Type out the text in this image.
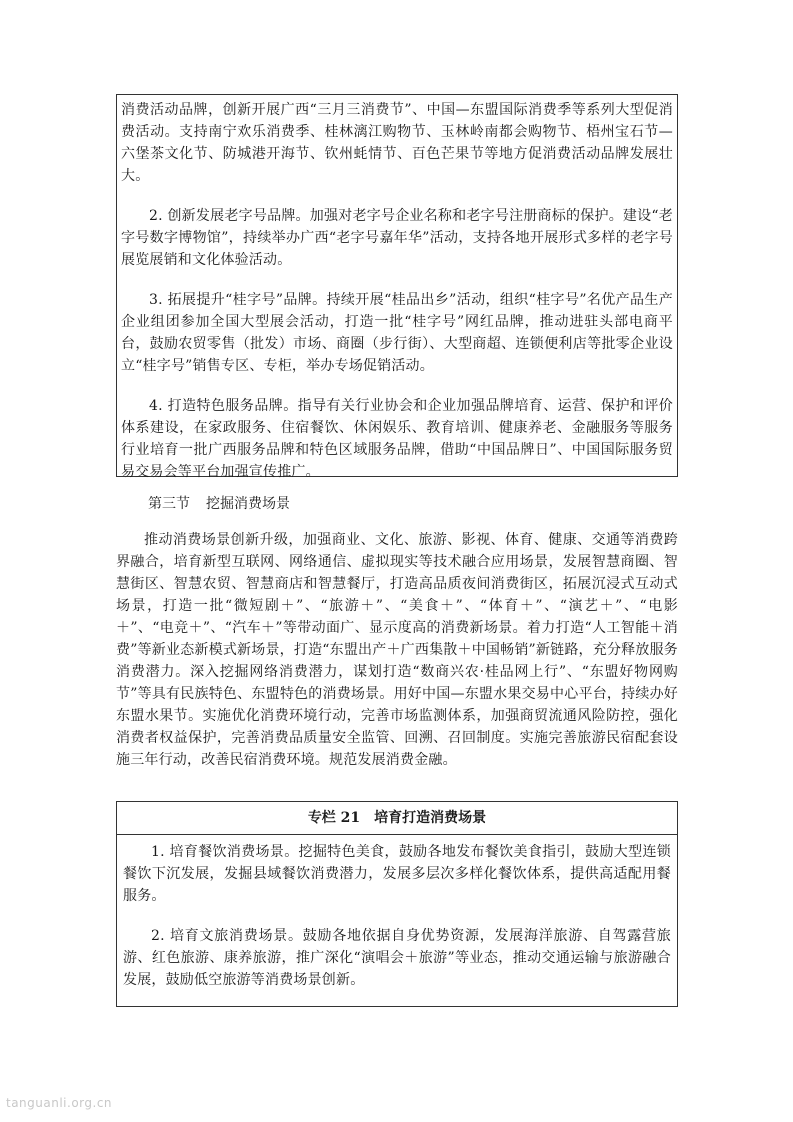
消费活动品牌，创新开展广西“三月三消费节”、中国—东盟国际消费季等系列大型促消费活动。支持南宁欢乐消费季、桂林漓江购物节、玉林岭南都会购物节、梧州宝石节—六堡茶文化节、防城港开海节、钦州蚝情节、百色芒果节等地方促消费活动品牌发展壮大。

2. 创新发展老字号品牌。加强对老字号企业名称和老字号注册商标的保护。建设“老字号数字博物馆”，持续举办广西“老字号嘉年华”活动，支持各地开展形式多样的老字号展览展销和文化体验活动。

3. 拓展提升“桂字号”品牌。持续开展“桂品出乡”活动，组织“桂字号”名优产品生产企业组团参加全国大型展会活动，打造一批“桂字号”网红品牌，推动进驻头部电商平台，鼓励农贸零售（批发）市场、商圈（步行街）、大型商超、连锁便利店等批零企业设立“桂字号”销售专区、专柜，举办专场促销活动。

4. 打造特色服务品牌。指导有关行业协会和企业加强品牌培育、运营、保护和评价体系建设，在家政服务、住宿餐饮、休闲娱乐、教育培训、健康养老、金融服务等服务行业培育一批广西服务品牌和特色区域服务品牌，借助“中国品牌日”、中国国际服务贸易交易会等平台加强宣传推广。

第三节 挖掘消费场景

推动消费场景创新升级，加强商业、文化、旅游、影视、体育、健康、交通等消费跨界融合，培育新型互联网、网络通信、虚拟现实等技术融合应用场景，发展智慧商圈、智慧街区、智慧农贸、智慧商店和智慧餐厅，打造高品质夜间消费街区，拓展沉浸式互动式场景，打造一批“微短剧＋”、“旅游＋”、“美食＋”、“体育＋”、“演艺＋”、“电影＋”、“电竞＋”、“汽车＋”等带动面广、显示度高的消费新场景。着力打造“人工智能＋消费”等新业态新模式新场景，打造“东盟出产＋广西集散＋中国畅销”新链路，充分释放服务消费潜力。深入挖掘网络消费潜力，谋划打造“数商兴农·桂品网上行”、“东盟好物网购节”等具有民族特色、东盟特色的消费场景。用好中国—东盟水果交易中心平台，持续办好东盟水果节。实施优化消费环境行动，完善市场监测体系，加强商贸流通风险防控，强化消费者权益保护，完善消费品质量安全监管、回溯、召回制度。实施完善旅游民宿配套设施三年行动，改善民宿消费环境。规范发展消费金融。

专栏 21　培育打造消费场景

1. 培育餐饮消费场景。挖掘特色美食，鼓励各地发布餐饮美食指引，鼓励大型连锁餐饮下沉发展，发掘县域餐饮消费潜力，发展多层次多样化餐饮体系，提供高适配用餐服务。

2. 培育文旅消费场景。鼓励各地依据自身优势资源，发展海洋旅游、自驾露营旅游、红色旅游、康养旅游，推广深化“演唱会＋旅游”等业态，推动交通运输与旅游融合发展，鼓励低空旅游等消费场景创新。

tanguanli.org.cn
